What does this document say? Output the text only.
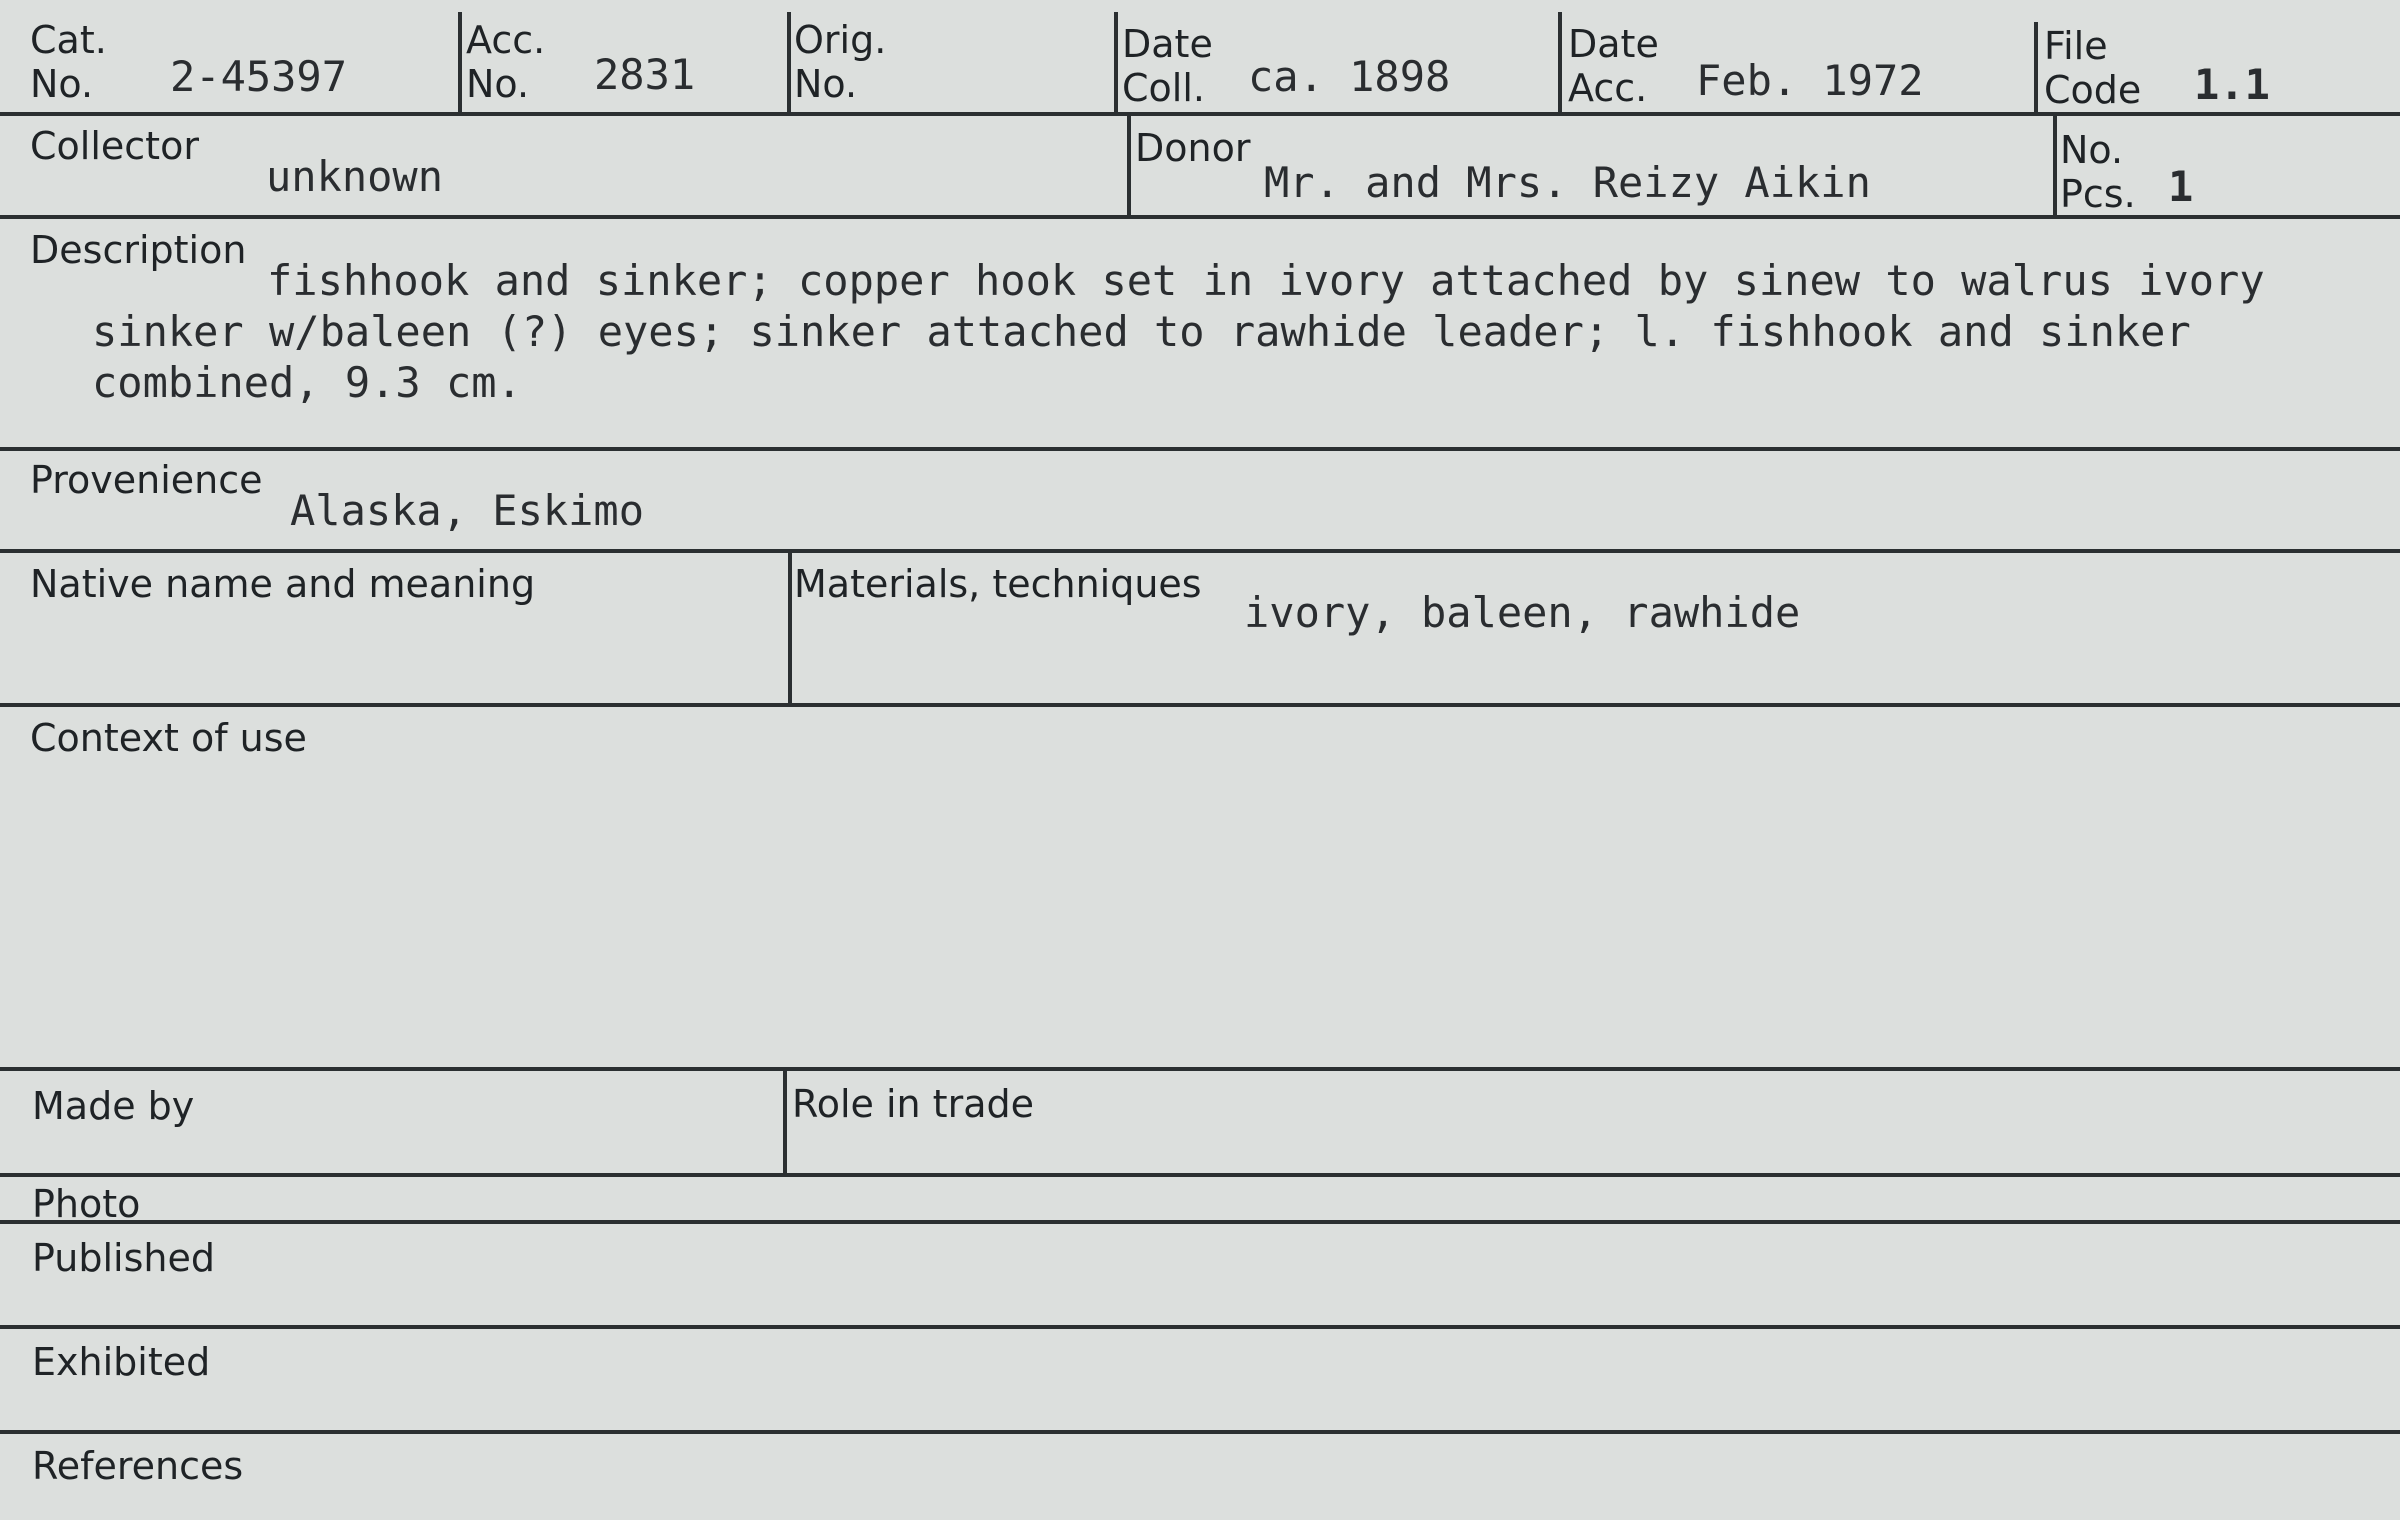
Cat.
No. 2-45397
Acc.
No. 2831
Orig.
No.
Date
Coll. ca. 1898
Date
Acc. Feb. 1972
File
Code 1.1
Collector
unknown
Donor
Mr. and Mrs. Reizy Aikin
No.
Pcs. 1
Description
fishhook and sinker; copper hook set in ivory attached by sinew to walrus ivory sinker w/baleen (?) eyes; sinker attached to rawhide leader; l. fishhook and sinker combined, 9.3 cm.
Provenience
Alaska, Eskimo
Native name and meaning	Materials, techniques
ivory, baleen, rawhide
Context of use
Made by	Role in trade
Photo
Published
Exhibited
References
